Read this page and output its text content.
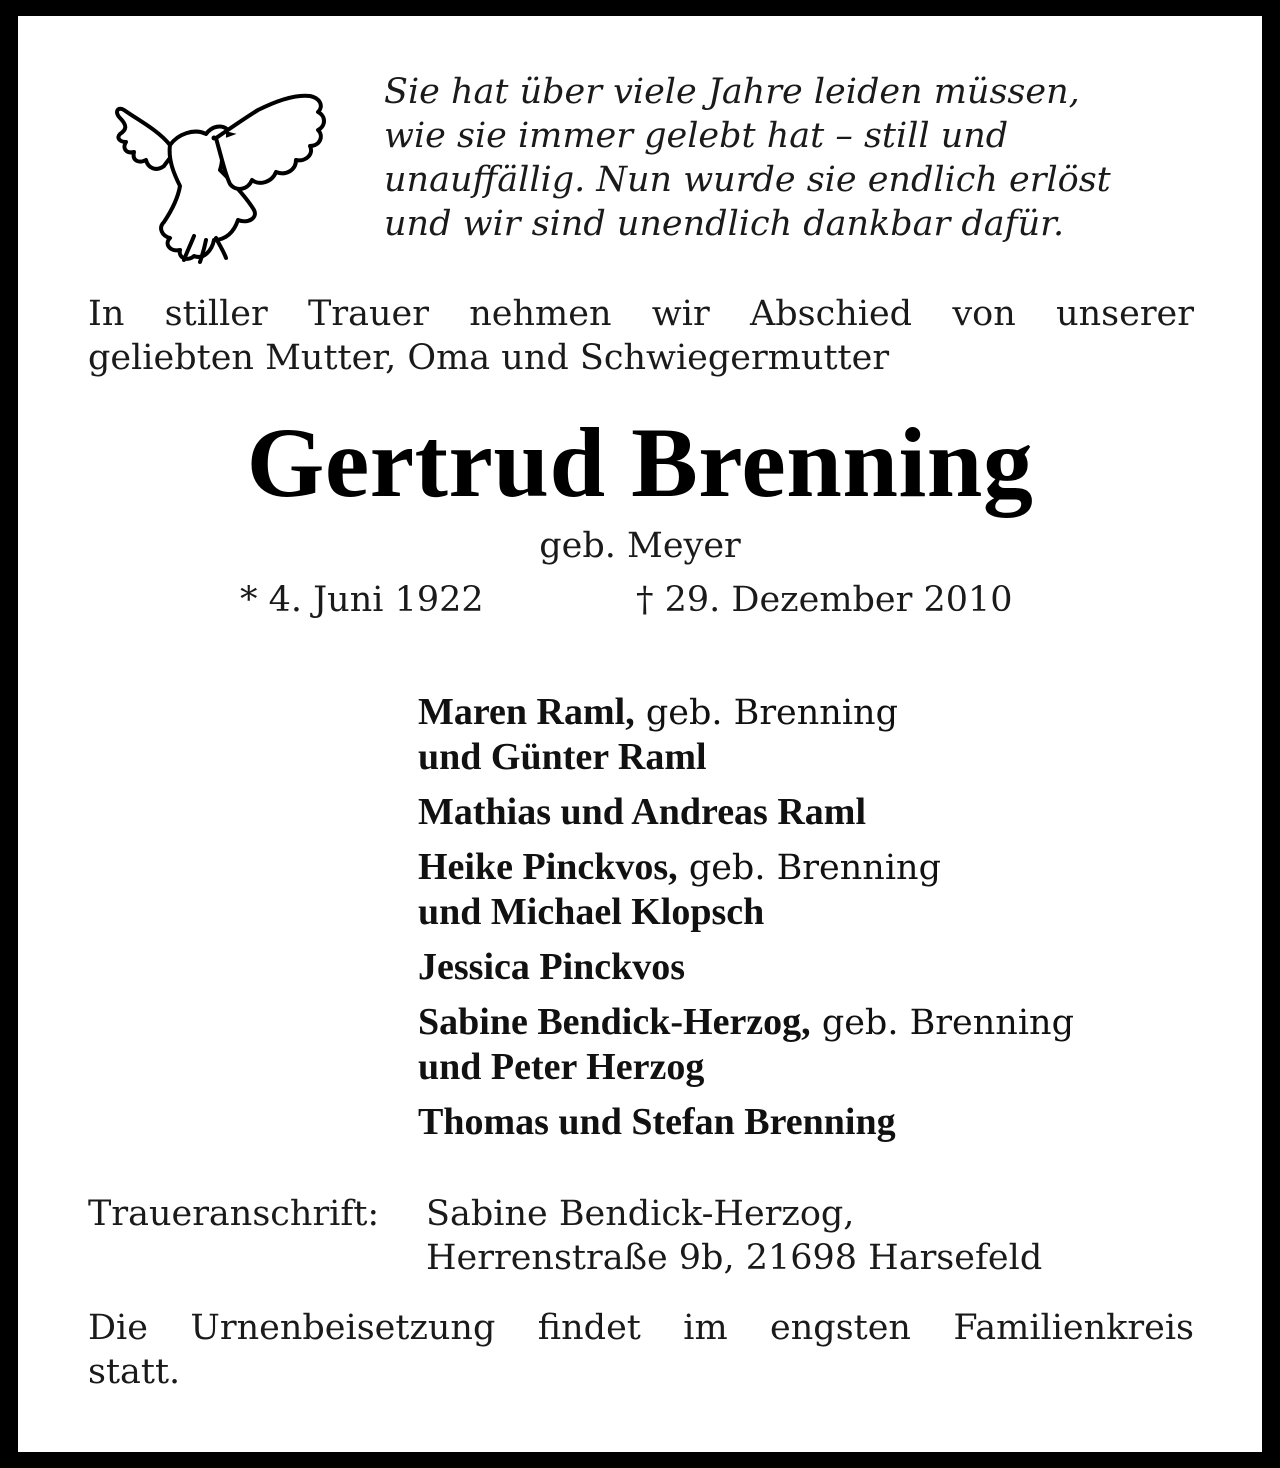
Sie hat über viele Jahre leiden müssen,
wie sie immer gelebt hat – still und
unauffällig. Nun wurde sie endlich erlöst
und wir sind unendlich dankbar dafür.
In stiller Trauer nehmen wir Abschied von unserer
geliebten Mutter, Oma und Schwiegermutter
Gertrud Brenning
geb. Meyer
* 4. Juni 1922	† 29. Dezember 2010
Maren Raml, geb. Brenning
und Günter Raml
Mathias und Andreas Raml
Heike Pinckvos, geb. Brenning
und Michael Klopsch
Jessica Pinckvos
Sabine Bendick-Herzog, geb. Brenning
und Peter Herzog
Thomas und Stefan Brenning
Traueranschrift: Sabine Bendick-Herzog,
Herrenstraße 9b, 21698 Harsefeld
Die Urnenbeisetzung findet im engsten Familienkreis
statt.
